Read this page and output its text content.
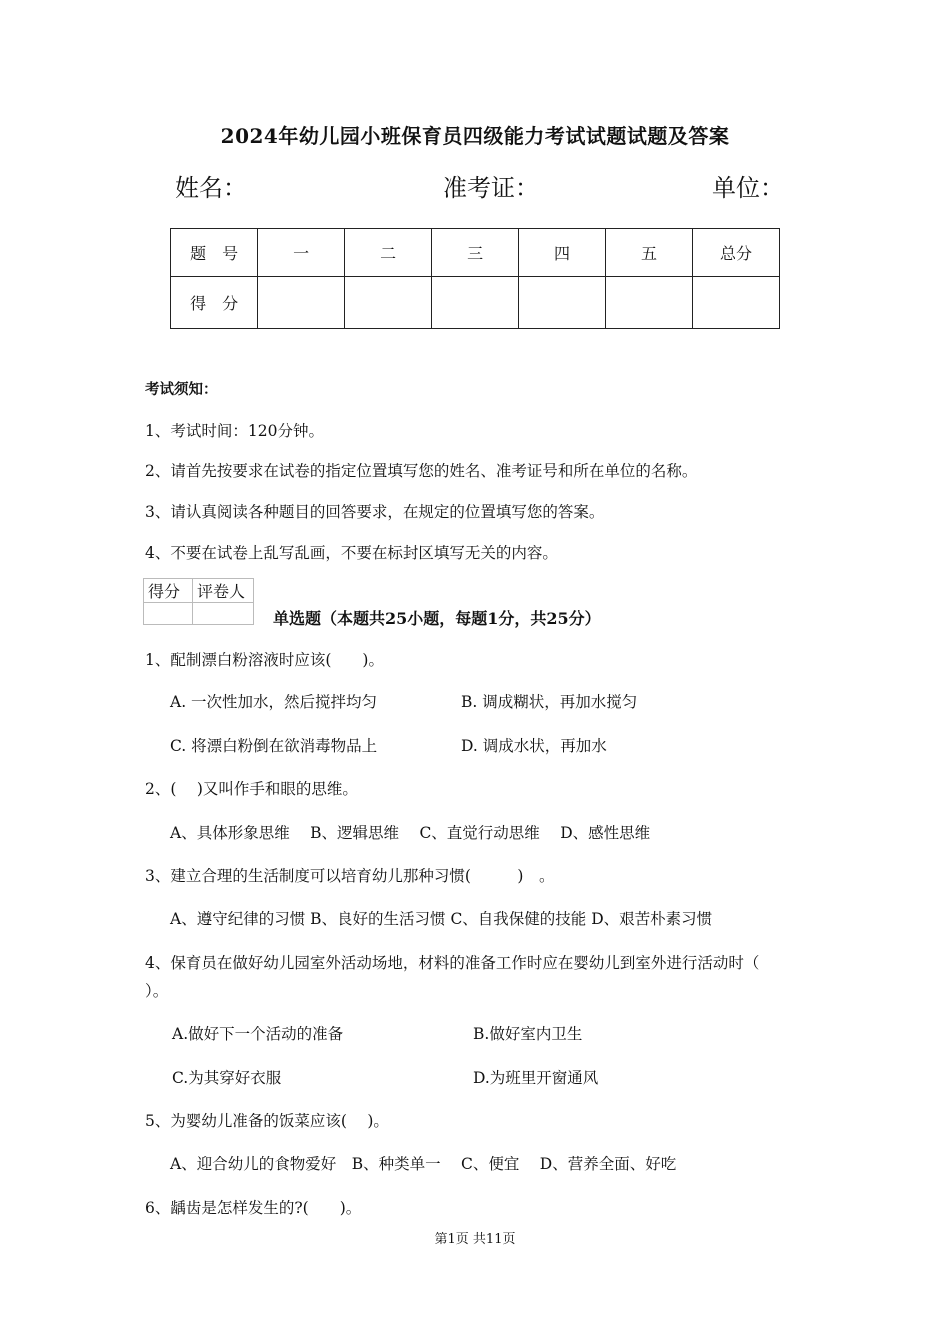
2024年幼儿园小班保育员四级能力考试试题试题及答案
姓名：	准考证：	单位：
题　号	一	二	三	四	五	总分
得　分						
考试须知：
1、考试时间：120分钟。
2、请首先按要求在试卷的指定位置填写您的姓名、准考证号和所在单位的名称。
3、请认真阅读各种题目的回答要求，在规定的位置填写您的答案。
4、不要在试卷上乱写乱画，不要在标封区填写无关的内容。
得分	评卷人

单选题（本题共25小题，每题1分，共25分）
1、配制漂白粉溶液时应该(　　)。
A. 一次性加水，然后搅拌均匀	B. 调成糊状，再加水搅匀
C. 将漂白粉倒在欲消毒物品上	D. 调成水状，再加水
2、(　 )又叫作手和眼的思维。
A、具体形象思维　 B、逻辑思维　 C、直觉行动思维　 D、感性思维
3、建立合理的生活制度可以培育幼儿那种习惯(　　　)　。
A、遵守纪律的习惯 B、良好的生活习惯 C、自我保健的技能 D、艰苦朴素习惯
4、保育员在做好幼儿园室外活动场地，材料的准备工作时应在婴幼儿到室外进行活动时（
）。
A.做好下一个活动的准备	B.做好室内卫生
C.为其穿好衣服	D.为班里开窗通风
5、为婴幼儿准备的饭菜应该(　 )。
A、迎合幼儿的食物爱好　B、种类单一　 C、便宜　 D、营养全面、好吃
6、龋齿是怎样发生的?(　　)。
第1页 共11页
